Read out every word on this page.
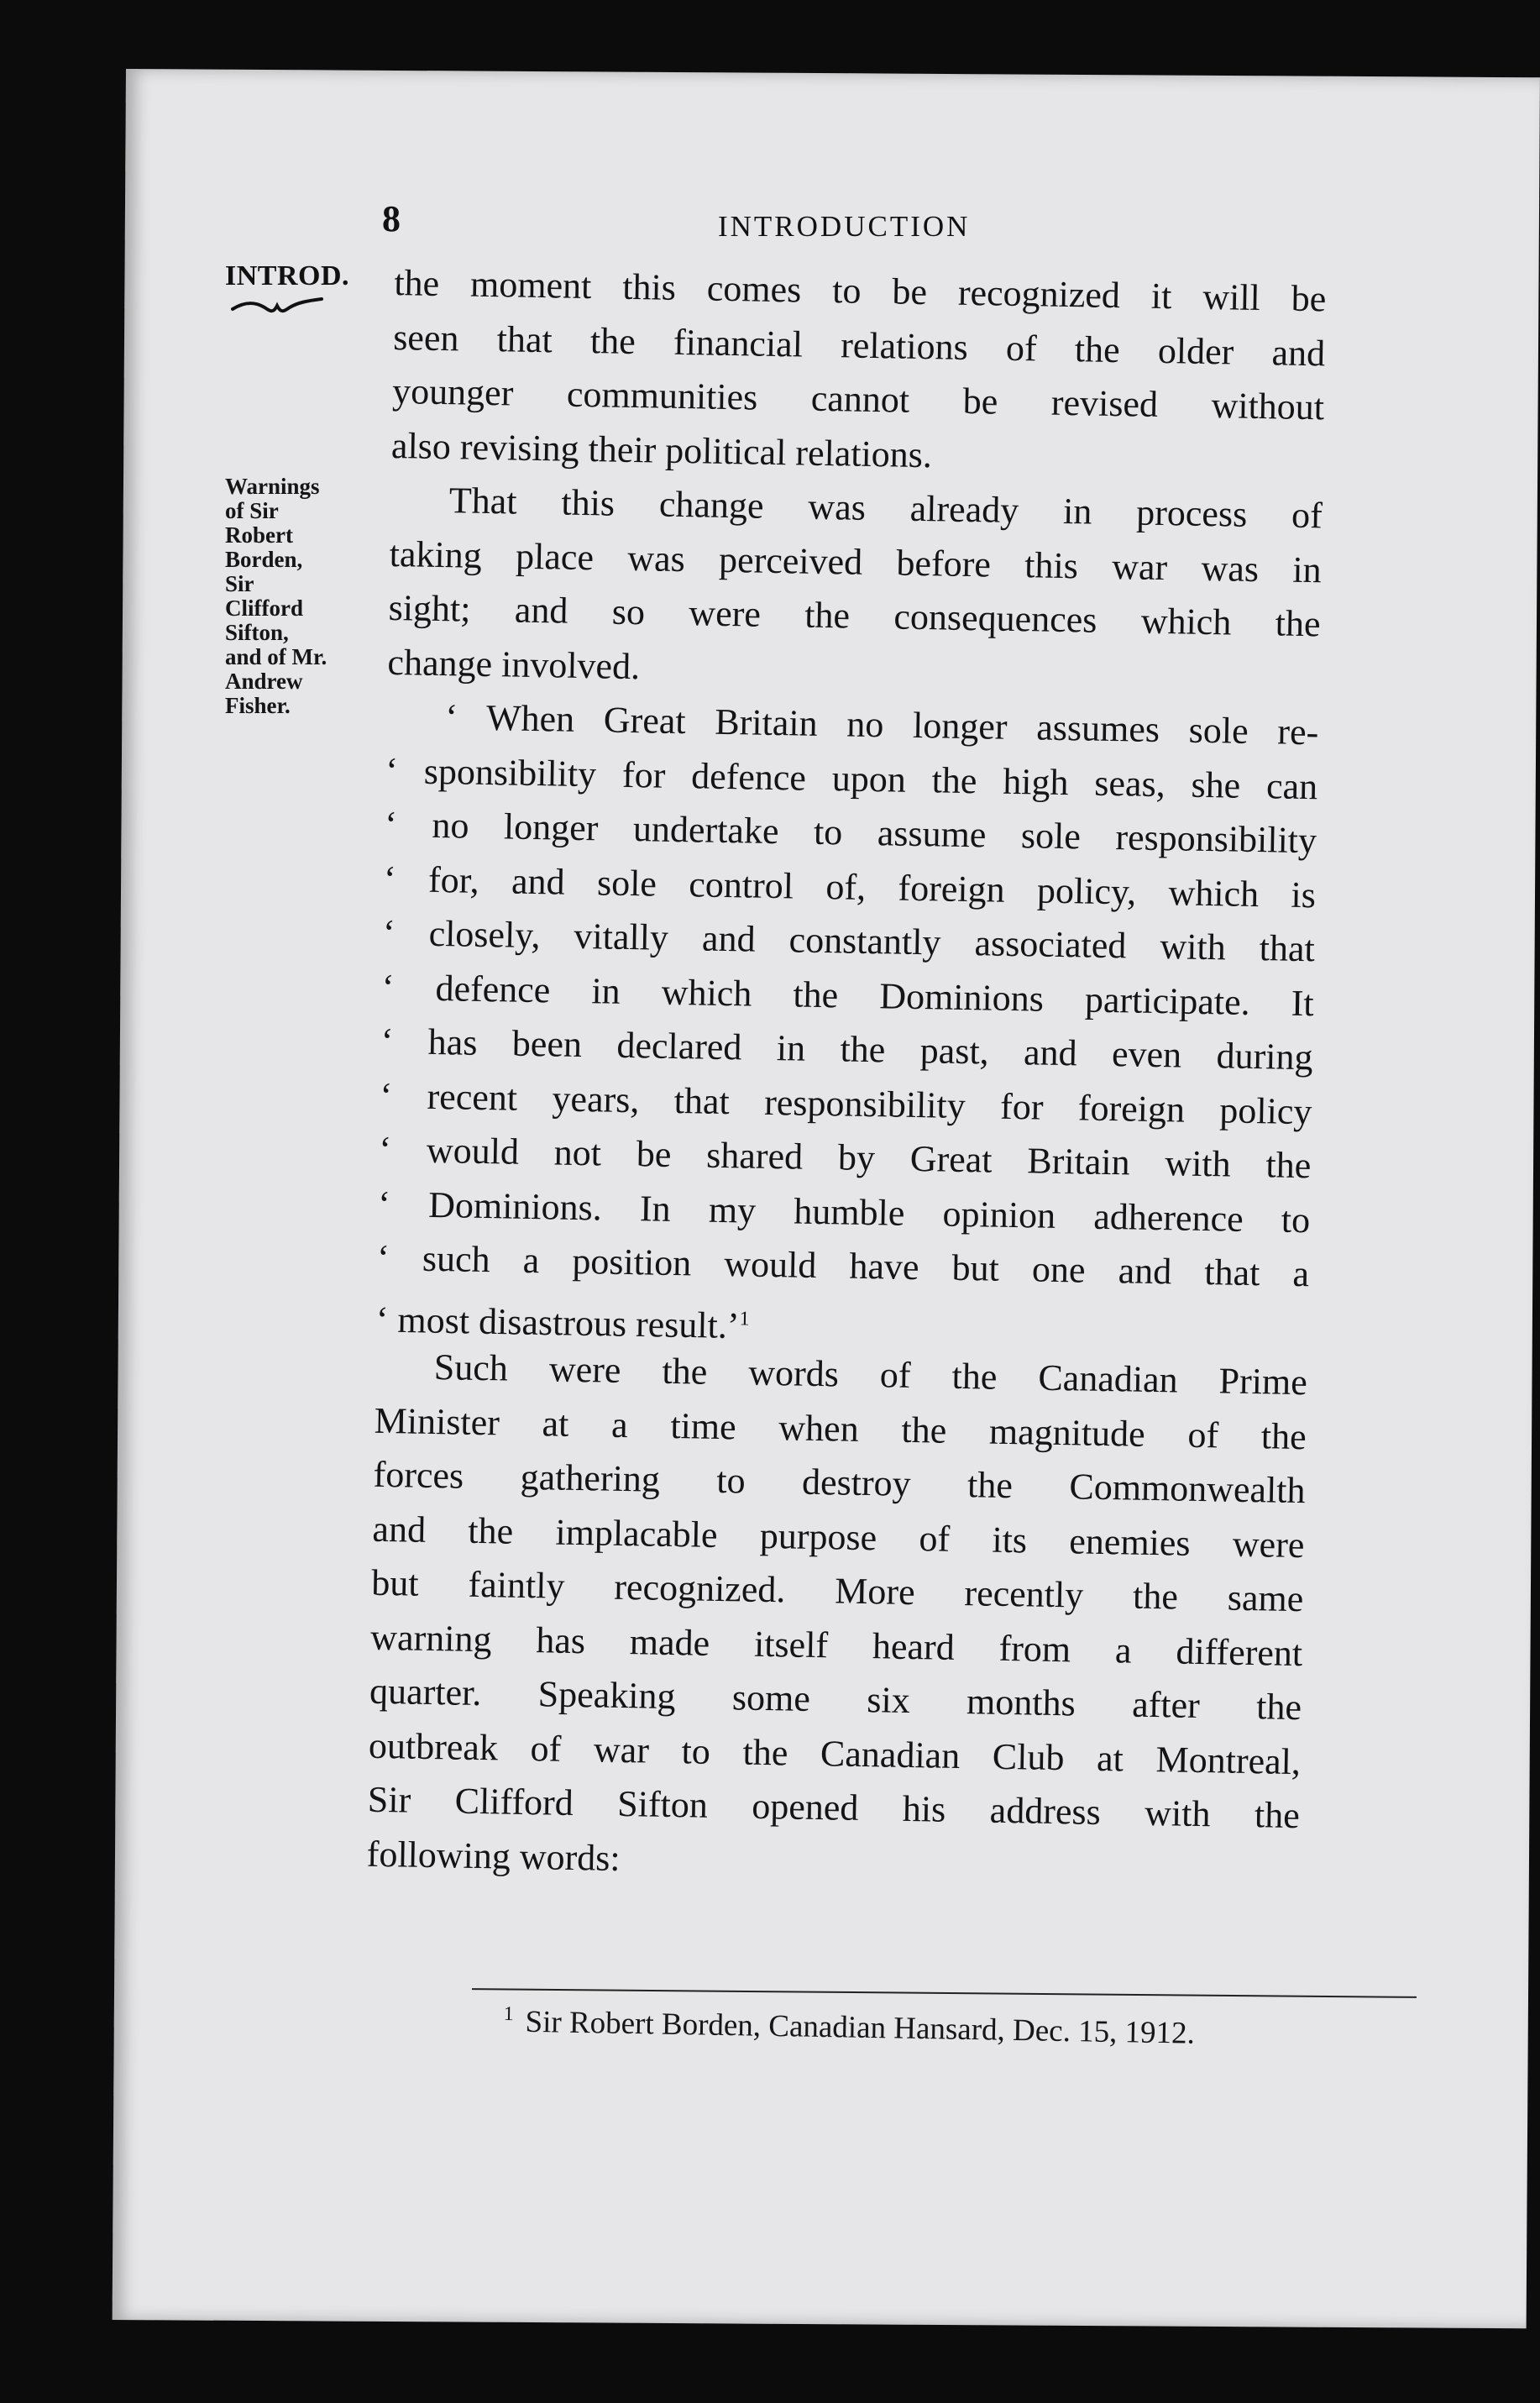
8	INTRODUCTION
INTROD.
Warnings
of Sir
Robert
Borden,
Sir
Clifford
Sifton,
and of Mr.
Andrew
Fisher.
the moment this comes to be recognized it will be
seen that the financial relations of the older and
younger communities cannot be revised without
also revising their political relations.
That this change was already in process of
taking place was perceived before this war was in
sight; and so were the consequences which the
change involved.
‘ When Great Britain no longer assumes sole re-
‘ sponsibility for defence upon the high seas, she can
‘ no longer undertake to assume sole responsibility
‘ for, and sole control of, foreign policy, which is
‘ closely, vitally and constantly associated with that
‘ defence in which the Dominions participate. It
‘ has been declared in the past, and even during
‘ recent years, that responsibility for foreign policy
‘ would not be shared by Great Britain with the
‘ Dominions. In my humble opinion adherence to
‘ such a position would have but one and that a
‘ most disastrous result.’$^1$
Such were the words of the Canadian Prime
Minister at a time when the magnitude of the
forces gathering to destroy the Commonwealth
and the implacable purpose of its enemies were
but faintly recognized. More recently the same
warning has made itself heard from a different
quarter. Speaking some six months after the
outbreak of war to the Canadian Club at Montreal,
Sir Clifford Sifton opened his address with the
following words:
$^1$ Sir Robert Borden, Canadian Hansard, Dec. 15, 1912.
